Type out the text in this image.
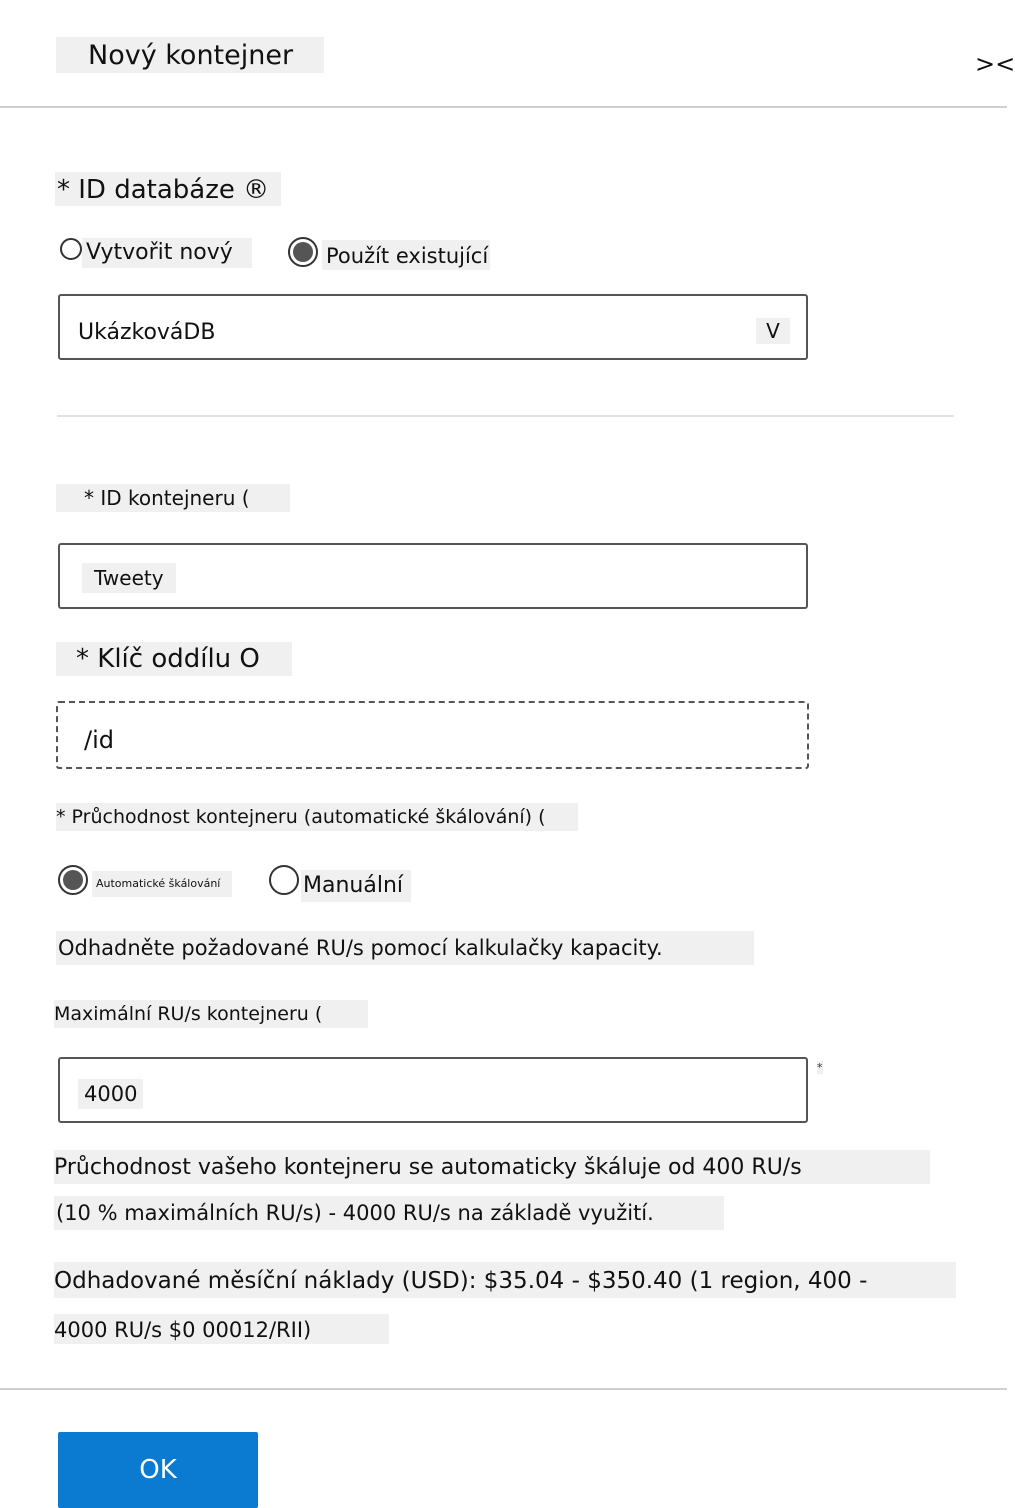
Nový kontejner	><
* ID databáze ®
Vytvořit nový	Použít existující
UkázkováDB	V
* ID kontejneru (
Tweety
* Klíč oddílu O
/id
* Průchodnost kontejneru (automatické škálování) (
Automatické škálování	Manuální
Odhadněte požadované RU/s pomocí kalkulačky kapacity.
Maximální RU/s kontejneru (
4000
*
Průchodnost vašeho kontejneru se automaticky škáluje od 400 RU/s
(10 % maximálních RU/s) - 4000 RU/s na základě využití.
Odhadované měsíční náklady (USD): $35.04 - $350.40 (1 region, 400 -
4000 RU/s $0 00012/RII)
OK
